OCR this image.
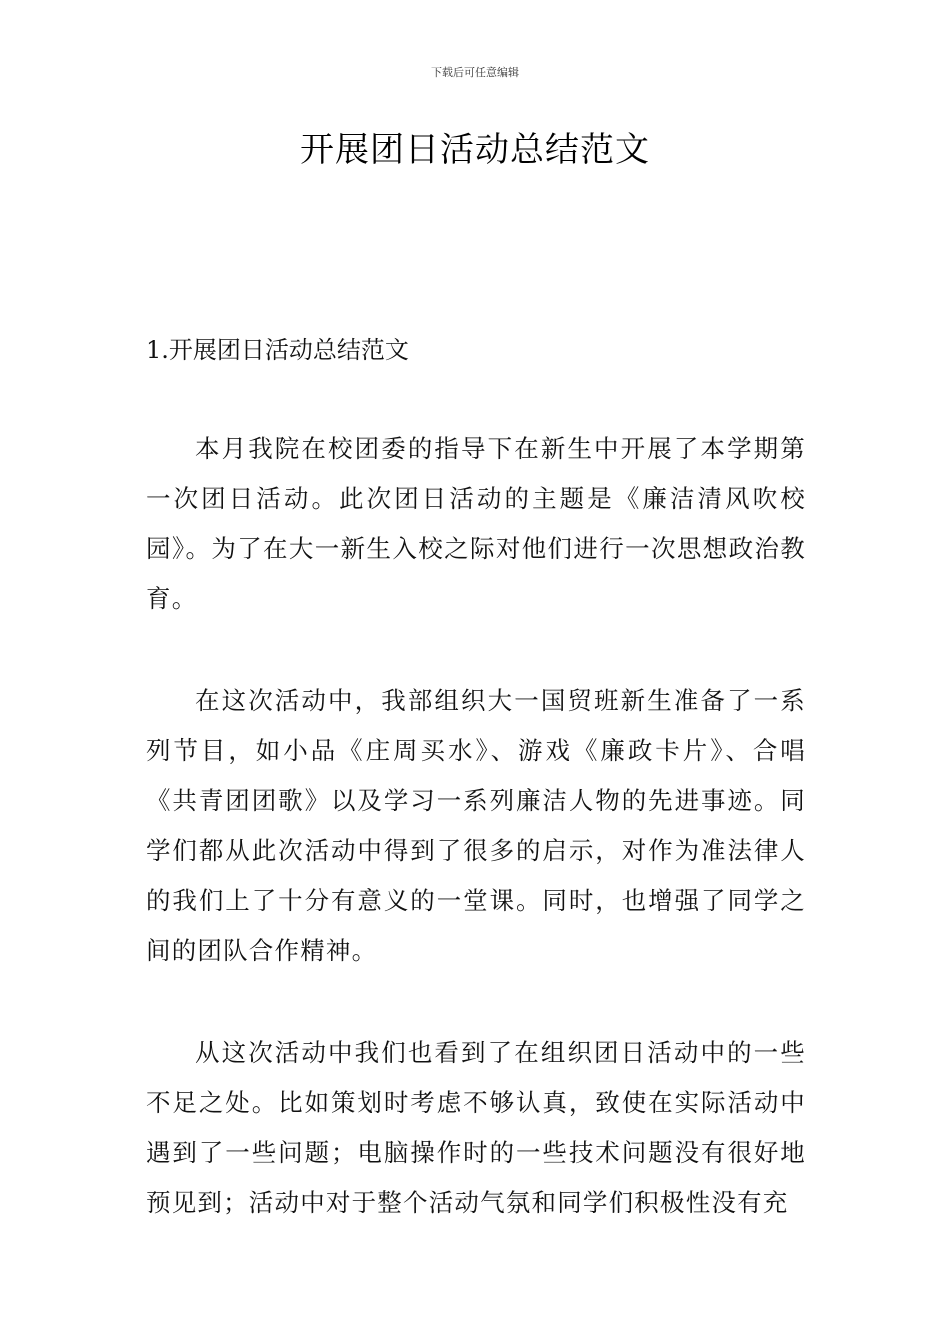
下载后可任意编辑
开展团日活动总结范文
1.开展团日活动总结范文

本月我院在校团委的指导下在新生中开展了本学期第一次团日活动。此次团日活动的主题是《廉洁清风吹校园》。为了在大一新生入校之际对他们进行一次思想政治教育。

在这次活动中，我部组织大一国贸班新生准备了一系列节目，如小品《庄周买水》、游戏《廉政卡片》、合唱《共青团团歌》以及学习一系列廉洁人物的先进事迹。同学们都从此次活动中得到了很多的启示，对作为准法律人的我们上了十分有意义的一堂课。同时，也增强了同学之间的团队合作精神。

从这次活动中我们也看到了在组织团日活动中的一些不足之处。比如策划时考虑不够认真，致使在实际活动中遇到了一些问题；电脑操作时的一些技术问题没有很好地预见到；活动中对于整个活动气氛和同学们积极性没有充
